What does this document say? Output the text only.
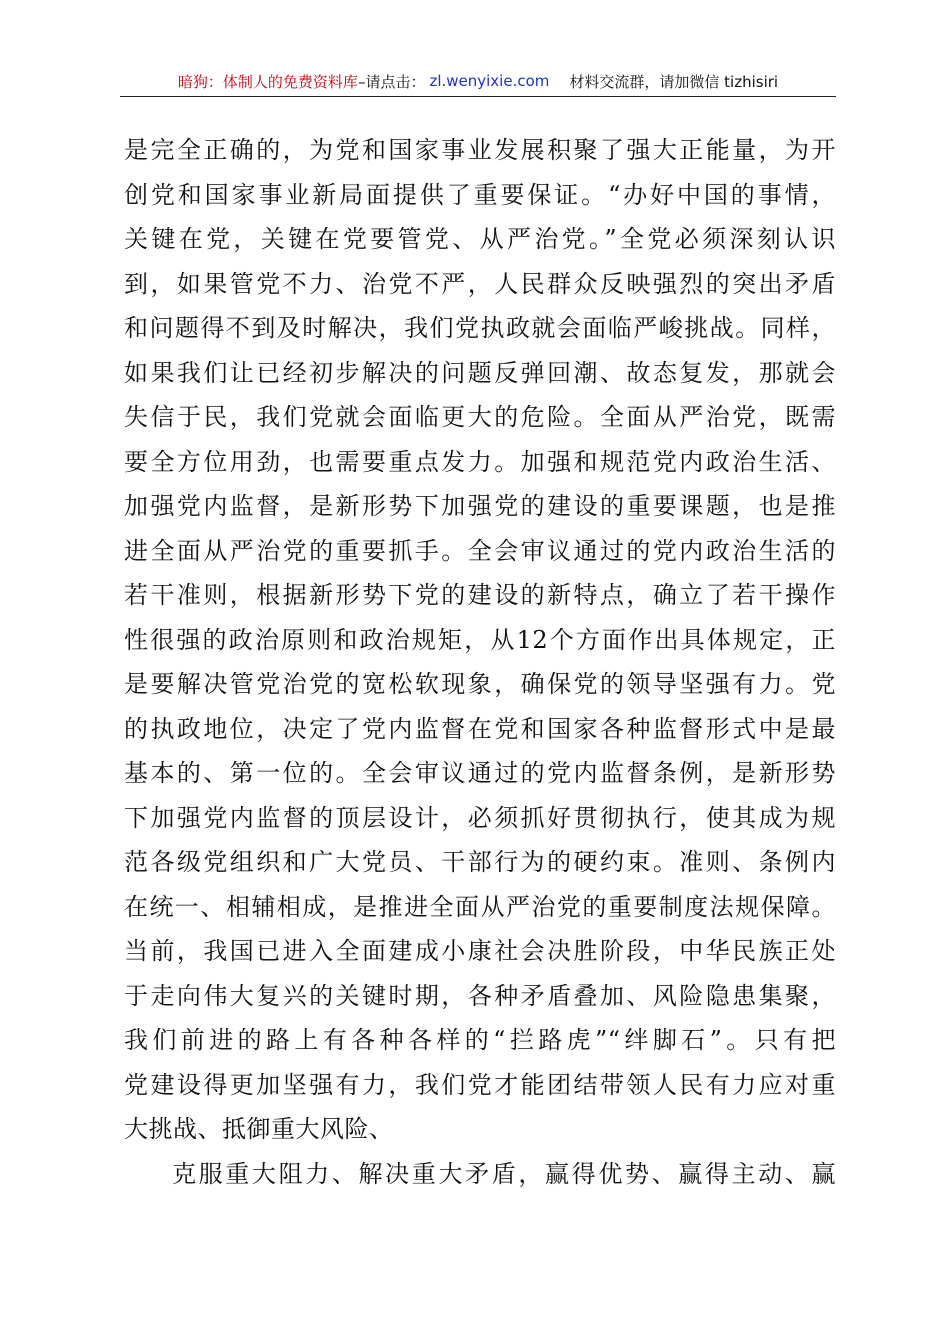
暗狗：体制人的免费资料库 –请点击： zl.wenyixie.com 材料交流群，请加微信 tizhisiri
是完全正确的，为党和国家事业发展积聚了强大正能量，为开
创党和国家事业新局面提供了重要保证。“办好中国的事情，
关键在党，关键在党要管党、从严治党。”全党必须深刻认识
到，如果管党不力、治党不严，人民群众反映强烈的突出矛盾
和问题得不到及时解决，我们党执政就会面临严峻挑战。同样，
如果我们让已经初步解决的问题反弹回潮、故态复发，那就会
失信于民，我们党就会面临更大的危险。全面从严治党，既需
要全方位用劲，也需要重点发力。加强和规范党内政治生活、
加强党内监督，是新形势下加强党的建设的重要课题，也是推
进全面从严治党的重要抓手。全会审议通过的党内政治生活的
若干准则，根据新形势下党的建设的新特点，确立了若干操作
性很强的政治原则和政治规矩，从12个方面作出具体规定，正
是要解决管党治党的宽松软现象，确保党的领导坚强有力。党
的执政地位，决定了党内监督在党和国家各种监督形式中是最
基本的、第一位的。全会审议通过的党内监督条例，是新形势
下加强党内监督的顶层设计，必须抓好贯彻执行，使其成为规
范各级党组织和广大党员、干部行为的硬约束。准则、条例内
在统一、相辅相成，是推进全面从严治党的重要制度法规保障。
当前，我国已进入全面建成小康社会决胜阶段，中华民族正处
于走向伟大复兴的关键时期，各种矛盾叠加、风险隐患集聚，
我们前进的路上有各种各样的“拦路虎”“绊脚石”。只有把
党建设得更加坚强有力，我们党才能团结带领人民有力应对重
大挑战、抵御重大风险、
克服重大阻力、解决重大矛盾，赢得优势、赢得主动、赢
